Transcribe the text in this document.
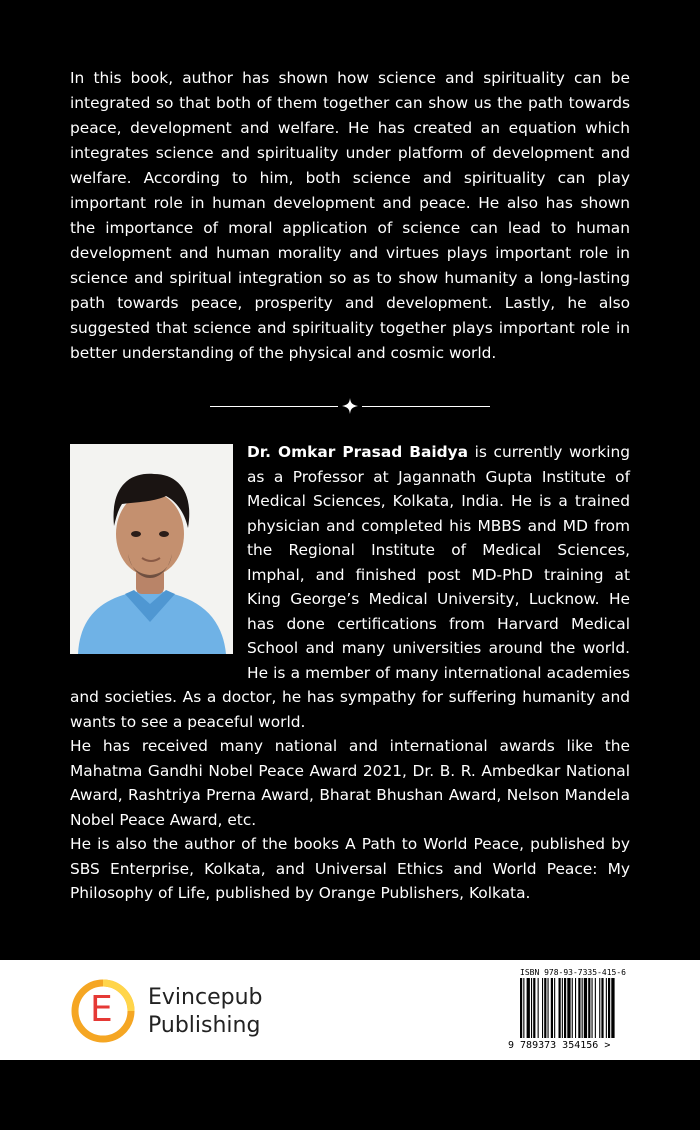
In this book, author has shown how science and spirituality can be integrated so that both of them together can show us the path towards peace, development and welfare. He has created an equation which integrates science and spirituality under platform of development and welfare. According to him, both science and spirituality can play important role in human development and peace. He also has shown the importance of moral application of science can lead to human development and human morality and virtues plays important role in science and spiritual integration so as to show humanity a long-lasting path towards peace, prosperity and development. Lastly, he also suggested that science and spirituality together plays important role in better understanding of the physical and cosmic world.

Dr. Omkar Prasad Baidya is currently working as a Professor at Jagannath Gupta Institute of Medical Sciences, Kolkata, India. He is a trained physician and completed his MBBS and MD from the Regional Institute of Medical Sciences, Imphal, and finished post MD-PhD training at King George’s Medical University, Lucknow. He has done certifications from Harvard Medical School and many universities around the world. He is a member of many international academies and societies. As a doctor, he has sympathy for suffering humanity and wants to see a peaceful world.

He has received many national and international awards like the Mahatma Gandhi Nobel Peace Award 2021, Dr. B. R. Ambedkar National Award, Rashtriya Prerna Award, Bharat Bhushan Award, Nelson Mandela Nobel Peace Award, etc.

He is also the author of the books A Path to World Peace, published by SBS Enterprise, Kolkata, and Universal Ethics and World Peace: My Philosophy of Life, published by Orange Publishers, Kolkata.

E Evincepub
Publishing
ISBN 978-93-7335-415-6
9 789373 354156 >
